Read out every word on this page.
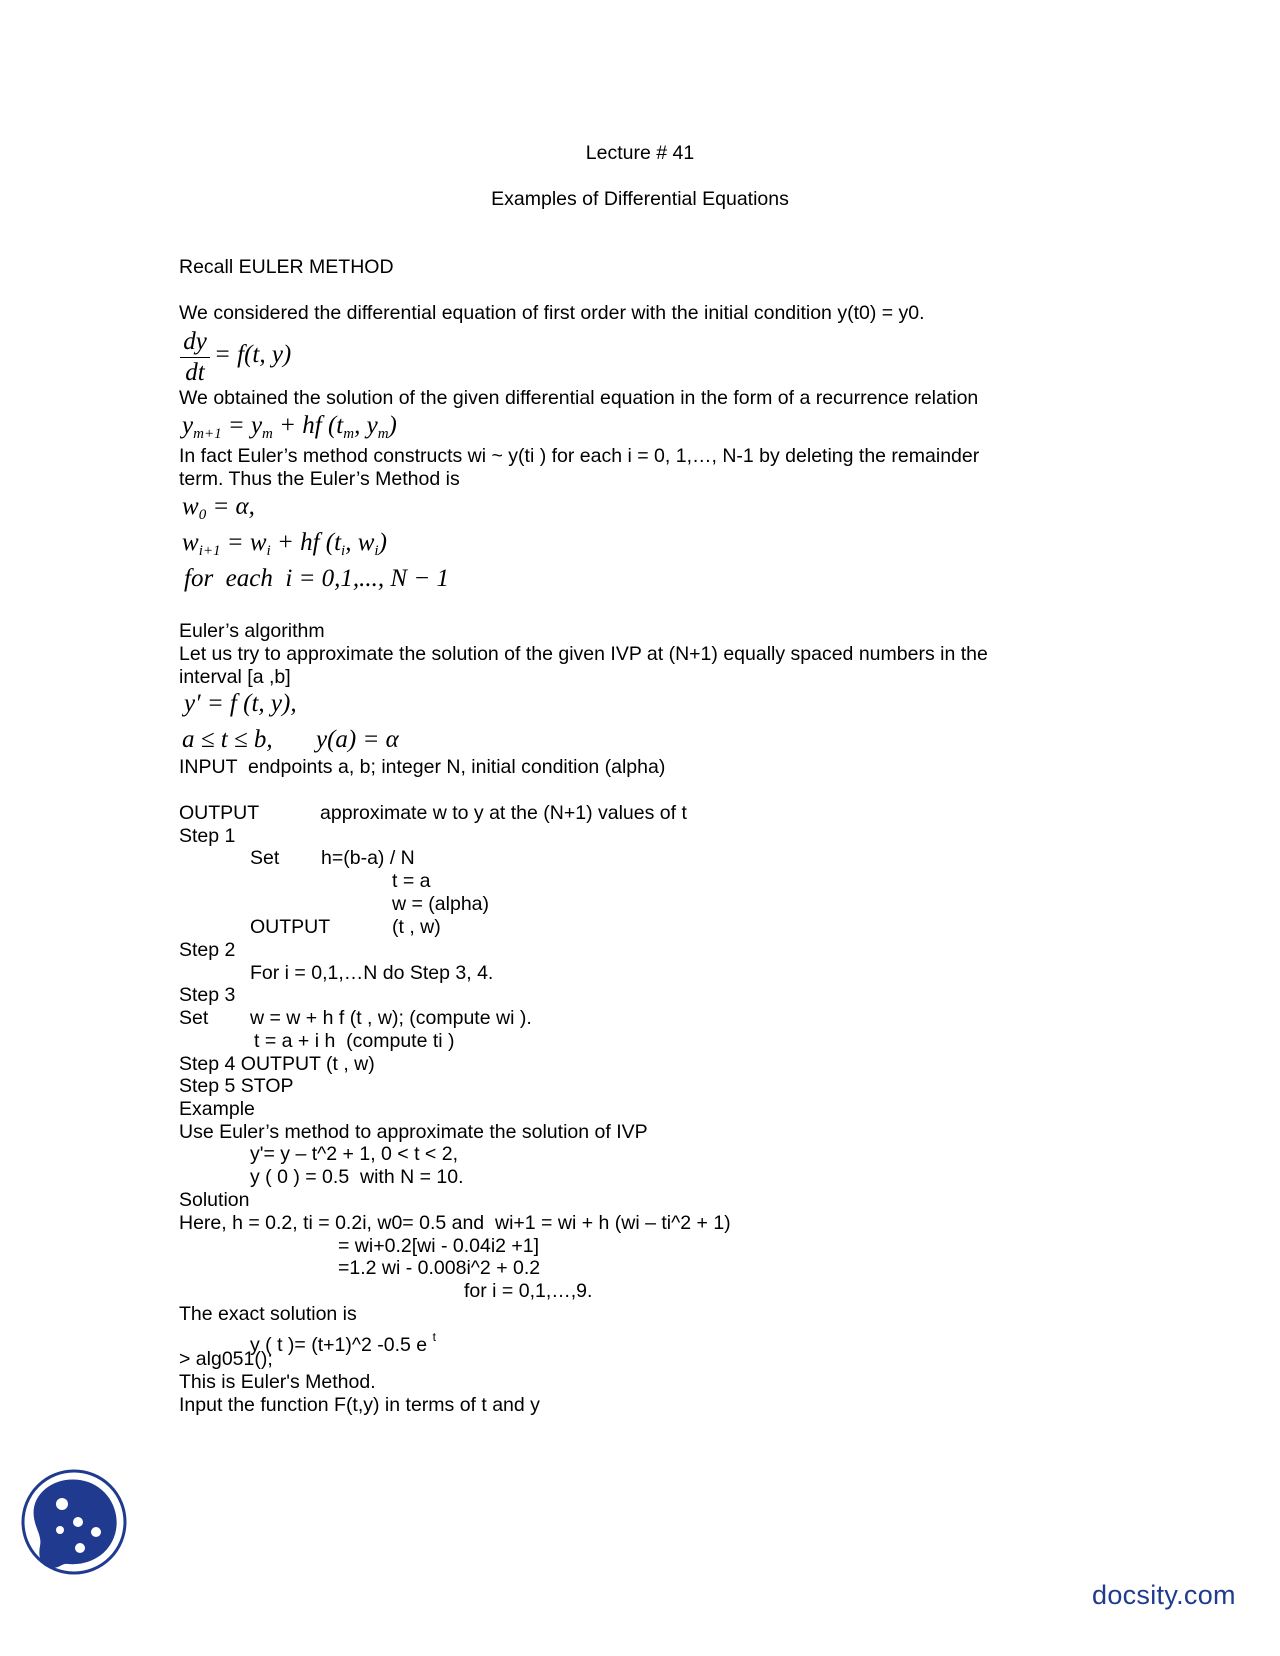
Lecture # 41
Examples of Differential Equations
Recall EULER METHOD
We considered the differential equation of first order with the initial condition y(t0) = y0.
dy
dt
= f(t, y)
We obtained the solution of the given differential equation in the form of a recurrence relation
$y_{m+1} = y_m$ + hf ($t_m$, $y_m$)
In fact Euler’s method constructs wi ~ y(ti ) for each i = 0, 1,…, N-1 by deleting the remainder
term. Thus the Euler’s Method is
$w_0 = \alpha$,
$w_{i+1} = w_i$ + hf ($t_i$, $w_i$)
for  each  i = 0,1,..., N − 1
Euler’s algorithm
Let us try to approximate the solution of the given IVP at (N+1) equally spaced numbers in the
interval [a ,b]
y′ = f (t, y),
a ≤ t ≤ b, y(a) = α
INPUT  endpoints a, b; integer N, initial condition (alpha)
OUTPUT	approximate w to y at the (N+1) values of t
Step 1
Set h=(b-a) / N
t = a
w = (alpha)
OUTPUT	(t , w)
Step 2
For i = 0,1,…N do Step 3, 4.
Step 3
Set w = w + h f (t , w); (compute wi ).
t = a + i h  (compute ti )
Step 4 OUTPUT (t , w)
Step 5 STOP
Example
Use Euler’s method to approximate the solution of IVP
y'= y – t^2 + 1, 0 < t < 2,
y ( 0 ) = 0.5  with N = 10.
Solution
Here, h = 0.2, ti = 0.2i, w0= 0.5 and  wi+1 = wi + h (wi – ti^2 + 1)
= wi+0.2[wi - 0.04i2 +1]
=1.2 wi - 0.008i^2 + 0.2
for i = 0,1,…,9.
The exact solution is
y ( t )= (t+1)^2 -0.5 e $^t$
> alg051();
This is Euler's Method.
Input the function F(t,y) in terms of t and y
docsity.com
